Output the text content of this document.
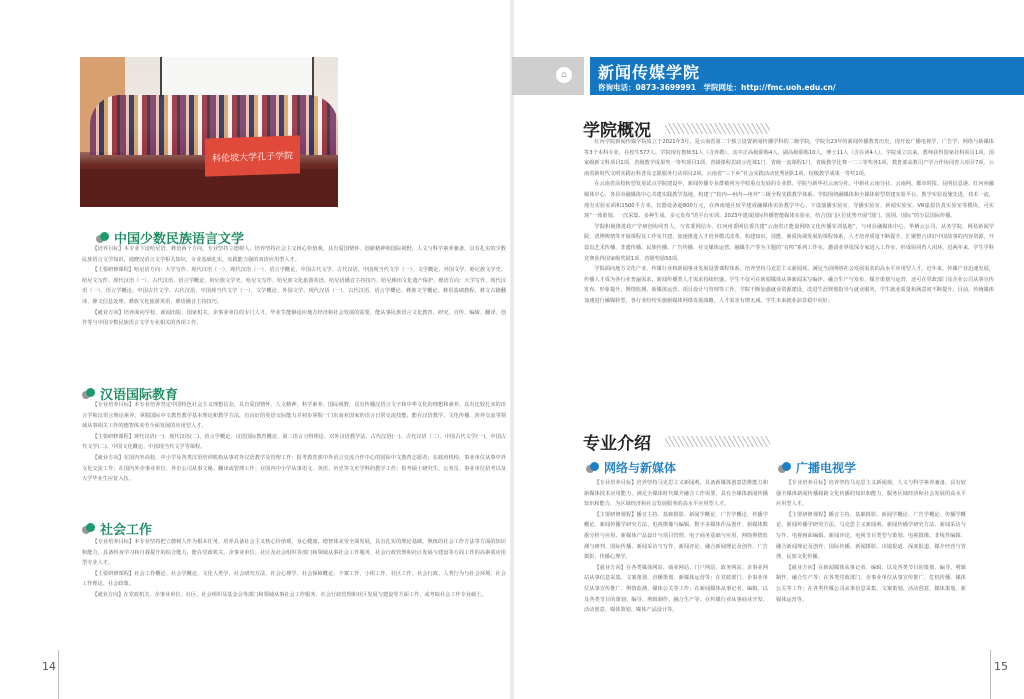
科伦坡大学孔子学院
中国少数民族语言文学

【培养目标】本专业下设哈尼语、彝语两个方向。专业坚持立德树人，培养坚持社会主义核心价值观，具有爱国情怀、创新精神和国际视野，人文与科学素养兼备，具有扎实的少数民族语言文学知识，通晓汉语言文学相关知识，专业基础扎实，实践能力强的双语应用型人才。

【主要研修课程】哈尼语方向：大学写作、现代汉语（一）、现代汉语（一）、语言学概论、中国古代文学、古代汉语、中国现当代文学（一）、文学概论、外国文学、哈尼族文学史、哈尼文写作、现代汉语（一）、古代汉语、语言学概论、哈尼族文学史、哈尼文写作、哈尼族文化旅游英语、哈尼语播音主持技巧、哈尼梯田文化遗产保护。彝语方向：大学写作、现代汉语（一）、语言学概论、中国古代文学、古代汉语、中国现当代文学（一）、文学概论、外国文学、现代汉语（一）、古代汉语、语言学概论、彝族文学概论、彝语基础教程、彝文古籍翻译、彝文信息处理、彝族文化旅游英语、彝语播音主持技巧。

【就业方向】培养面向学校、新闻出版、国家机关、企事业单位的专门人才。毕业生能够适应地方经济和社会发展的需要，能从事民族语言文化教育、研究、宣传、编辑、翻译、创作等与中国少数民族语言文学专业相关的各项工作。

汉语国际教育

【专业培养目标】本专业培养坚定中国特色社会主义理想信念，具有爱国情怀、人文精神、科学素养、国际视野，具有传播汉语言文字和中华文化的理想和素养，具有比较扎实的语言学和汉语言理论素养，掌握国际中文教育教学基本理论和教学方法，有良好的英语交际能力并初步掌握一门东南亚国家的语言日常交流技能，能在汉语教学、文化传播、涉外交流等领域从事相关工作的德智体美劳全面发展的应用型人才。

【主要研修课程】现代汉语(一)、现代汉语(二)、语言学概论、汉语国际教育概论、第二语言习得理论、对外汉语教学法、古代汉语(一)、古代汉语（二）、中国古代文学(一)、中国古代文学(二)、中国文化概论、中国现当代文学等课程。

【就业方向】在国内外高校、中小学及各类汉语培训机构从事对外汉语教学及管理工作；报考教育部中外语言交流合作中心的国际中文教育志愿者；在政府机构、事业单位从事中外文化交流工作；在国内外企事业单位、外企公司从事文秘、翻译或管理工作；在国内中小学从事语文、英语、历史等文史学科的教学工作；报考硕士研究生、公务员、事业单位招考以及大学毕业生应征入伍。

社会工作

【专业培养目标】本专业坚持把立德树人作为根本任务，培养具备社会主义核心价值观，身心健康，德智体美劳全面发展，具有扎实的理论基础，熟练的社会工作方法等方面的知识和能力，具备终身学习和自我提升的综合能力，能在党政机关、企事业单位、社区及社会组织等部门和领域从事社会工作服务、社会行政管理和社区发展与建设等方面工作的高素质应用型专业人才。

【主要研修课程】社会工作概论、社会学概论、文化人类学、社会研究方法、社会心理学、社会保障概论、个案工作、小组工作、社区工作、社会行政、人类行为与社会环境、社会工作理论、社会政策。

【就业方向】在党政机关、企事业单位、社区、社会组织及基金会等部门和领域从事社会工作服务、社会行政管理和社区发展与建设等方面工作，或考取社会工作专业硕士。

14
⌂	新闻传媒学院
咨询电话：0873-3699991　学院网址：http://fmc.uoh.edu.cn/
学院概况

红河学院新闻传媒学院成立于2021年3月，是云南省第二个独立设置新闻传播学科的二级学院。学院有23年的新闻传播教育历史，现开设广播电视学、广告学、网络与新媒体等3个本科专业，在校生577人。学院现有教师31人（含外聘），其中正高级职称4人，副高级职称10人，博士11人（含在读4人）。学院成立以来，教师获得国家社科项目1项、国家级新文科项目1项、省级教学成果奖一等奖项目1项、省级课程思政示范课1门、省级一流课程1门、省级教学比赛一二三等奖各1项、教育部高教司产学合作协同育人项目7项、云南省新时代文明实践社科普及志愿服务行动项目2项、云南省“三下乡”社会实践活动优秀团队1项、校级教学成果一等奖1项。

在云南省高校转型发展试点学院建设中，新闻传播专业群被列为学校重点发展的专业群。学院与新华社云南分社、中新社云南分社、云南网、都市时报、昆明信息港、红河州融媒体中心、各县市融媒体中心共建实践教学基地，构建了“校内—州内—州外”三级全程实践教学体系。学院围绕融媒体和全媒体转型搭建实验平台，教学实验设施先进，技术一流，现有实验室面积1500平方米，仪器设备超800万元，在西南地区较早建成融媒体实验教学中心，下设演播实验室、导播实验室、新闻实验室、VR虚拟仿真实验室等模块，可实现“一体策划、一次采集、多种生成、多元发布”的平台实训。2023年建成国际传播智能媒体实验室，结合国门区位优势开展“国门、国别、国际”的分层国际传播。

学院积极推进政产学研创协同育人，与省委网信办、红河州委网信委共建“云南省正能量网络文化传播实训基地”，与州县融媒体中心、华栖云公司、从务学院、网易新闻学院、清博舆情等开展课程及工作室共建，加速推进人才培养模式改革，构建知识、技能、素质协调发展的课程体系，人才培养质量不断提升。汇聚整合讲好中国故事的内容资源，开设以艺术传播、非遗传播、民族传播、广告传播、社交媒体运营、融媒生产等为主题的“有鸣”系列工作室，邀请业界资深专家进入工作室，形成协同育人闭环。近两年来，学生学科竞赛获得国家级奖励1项、省级奖励50项。

学院面向地方文化产业、传媒行业和新闻事业发展设置课程体系，培养坚持马克思主义新闻观、满足当前网络社会发展需求的高水平应用型人才。近年来，传媒产业迅速发展，传播人才成为各行业普遍需求，新闻传播类人才需求持续旺盛。学生不仅可在新闻媒体从事新闻采写编评、融合生产与发布、媒介策划与运营，还可在党政部门及企业公司从事宣传发布、形象提升、舆情监测、新媒体运营、项目设计与管理等工作。学院不断加强就业资源建设，改进生涯规划指导与就业服务，学生就业质量和满意度不断提升。目前，传统媒体加速进行融媒转型，各行业纷纷实施新媒体网络发展战略，人才需求有增无减，学生未来就业前景稳中向好。

专业介绍
网络与新媒体

【专业培养目标】培养坚持马克思主义新闻观，具备新媒体创意思维能力和新媒体技术应用能力，满足全媒体时代媒介融合工作需要，具有全媒体新闻传播知识和能力，为区域经济和社会发展服务的高水平应用型人才。

【主要研修课程】播音主持、基础摄影、新闻学概论、广告学概论、传播学概论、新闻传播学研究方法、电视摄像与编辑、数字多媒体作品创作、新媒体数据分析与应用、新媒体产品设计与项目管理、电子商务基础与应用、网络舆情监测与研判、国际传播、新闻采访与写作、新闻评论、融合新闻理论及创作、广告摄影、传播心理学。

【就业方向】在各类媒体网站、商业网站、门户网站、政务网站、企事业网站从事信息采集、文案策划、直播策划、新媒体运营等；在党政部门、企事业单位从事宣传推广、舆情监测、媒体公关等工作；在新闻媒体从事记者、编辑，以及各类节目的策划、编导、剪辑制作、融合生产等；在传媒行业从事商业开发、活动创意、媒体策划、媒体产品设计等。

广播电视学

【专业培养目标】培养坚持马克思主义新闻观，人文与科学素养兼备，具有较强全媒体新闻传播和跨文化传播的知识和能力，服务区域经济和社会发展的高水平应用型人才。

【主要研修课程】播音主持、基础摄影、新闻学概论、广告学概论、传播学概论、新闻传播学研究方法、马克思主义新闻观、新闻传播学研究方法、新闻采访与写作、电视画面编辑、新闻评论、电视节目类型与策划、电视摄像、非线性编辑、融合新闻理论及创作、国际传播、新闻摄影、出镜报道、深度报道、媒介经营与管理、民族文化传播。

【就业方向】在新闻媒体从事记者、编辑，以及各类节目的策划、编导、剪辑制作、融合生产等；在各类党政部门、企事业单位从事宣传推广、危机传播、媒体公关等工作；在各类传媒公司从事信息采集、文案策划、活动创意、媒体策划、新媒体运营等。

15
